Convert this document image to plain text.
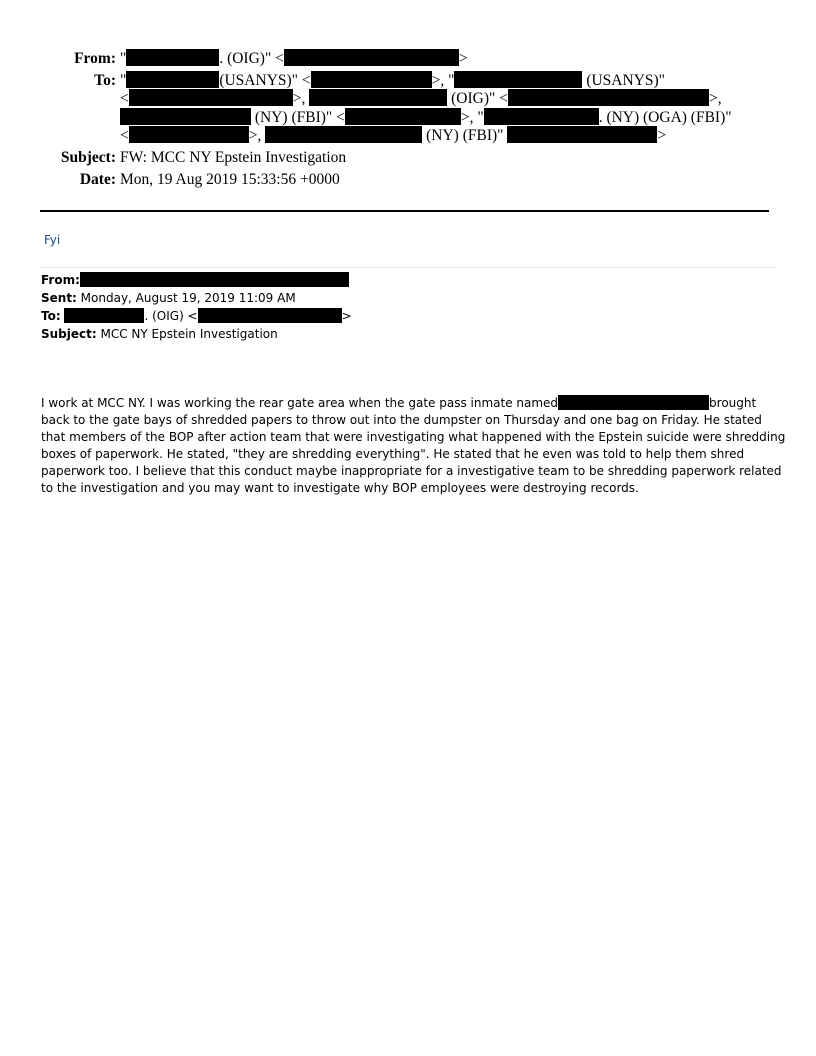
From: "	. (OIG)" <	>
To: "	(USANYS)" <	>, "	(USANYS)"
<	>,	(OIG)" <	>,
(NY) (FBI)" <	>, "	. (NY) (OGA) (FBI)"
<	>,	(NY) (FBI)"	>
Subject: FW: MCC NY Epstein Investigation
Date: Mon, 19 Aug 2019 15:33:56 +0000
Fyi
From:
Sent: Monday, August 19, 2019 11:09 AM
To:	. (OIG) <	>
Subject: MCC NY Epstein Investigation
I work at MCC NY. I was working the rear gate area when the gate pass inmate named	brought
back to the gate bays of shredded papers to throw out into the dumpster on Thursday and one bag on Friday. He stated
that members of the BOP after action team that were investigating what happened with the Epstein suicide were shredding
boxes of paperwork. He stated, "they are shredding everything". He stated that he even was told to help them shred
paperwork too. I believe that this conduct maybe inappropriate for a investigative team to be shredding paperwork related
to the investigation and you may want to investigate why BOP employees were destroying records.
